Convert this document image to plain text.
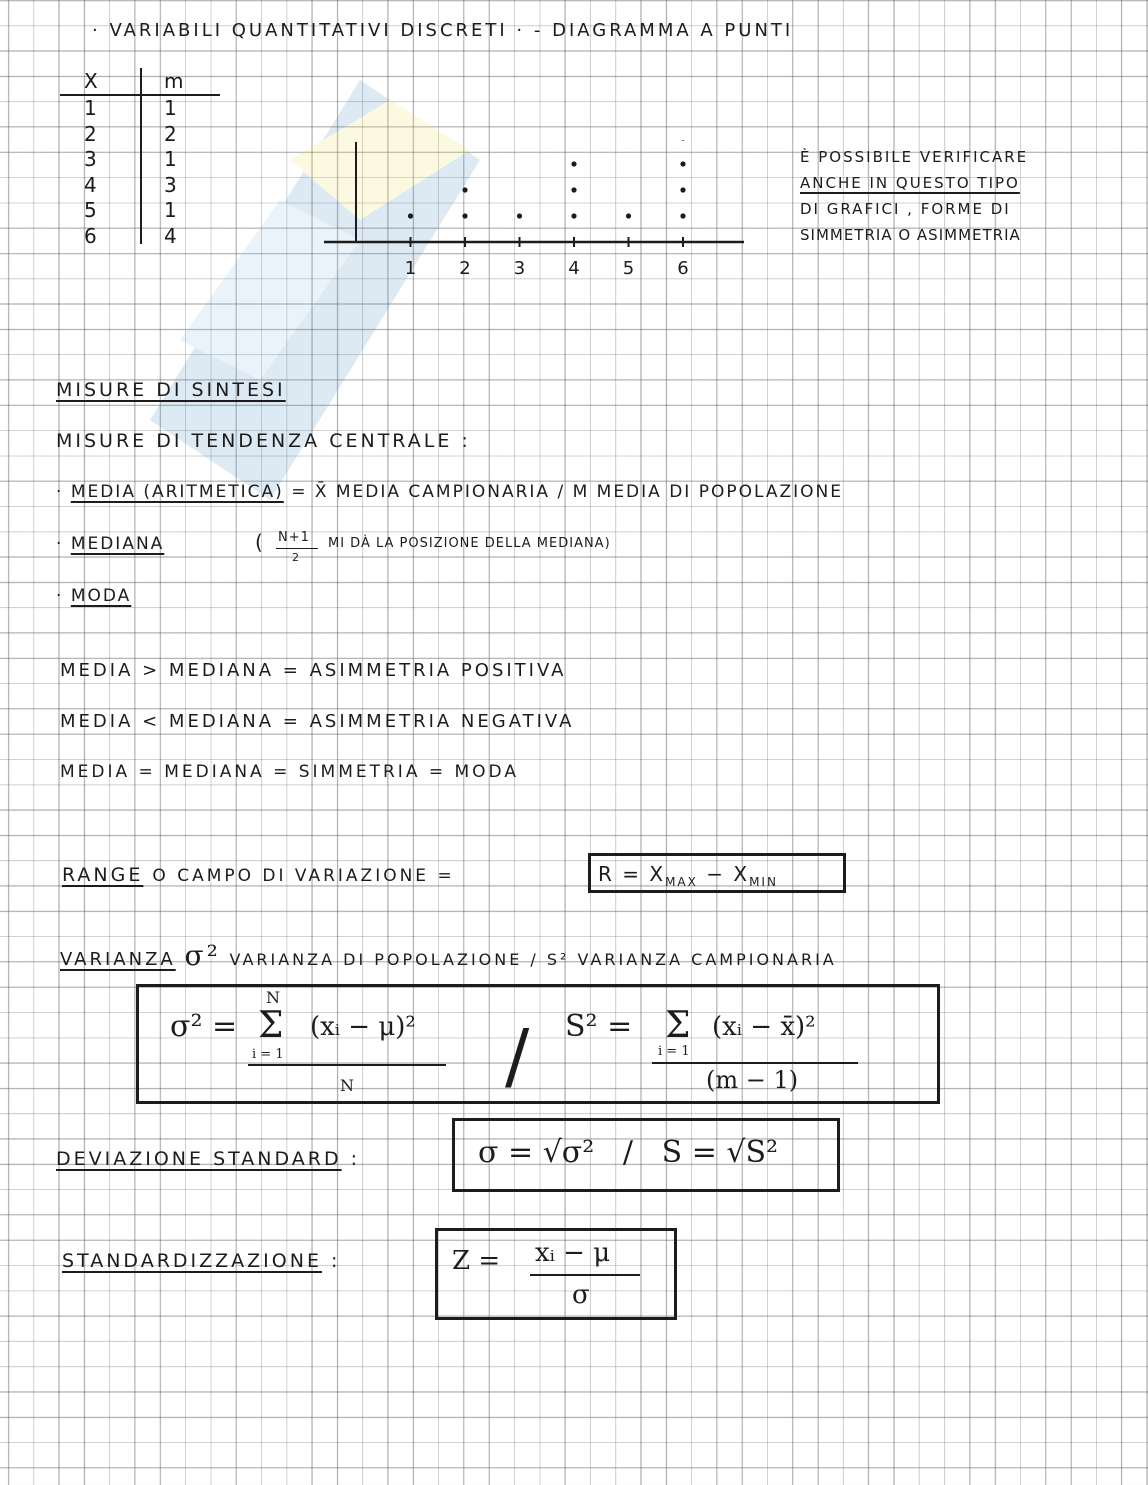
· VARIABILI QUANTITATIVI DISCRETI · - DIAGRAMMA A PUNTI
X	m
1	1
2	2
3	1
4	3
5	1
6	4
1 2 3 4 5 6
È POSSIBILE VERIFICARE
ANCHE IN QUESTO TIPO
DI GRAFICI , FORME DI
SIMMETRIA O ASIMMETRIA
MISURE DI SINTESI
MISURE DI TENDENZA CENTRALE :
· MEDIA (ARITMETICA) = X̄ MEDIA CAMPIONARIA / Μ MEDIA DI POPOLAZIONE
· MEDIANA	( N+1
2
MI DÀ LA POSIZIONE DELLA MEDIANA)
· MODA
MEDIA > MEDIANA = ASIMMETRIA POSITIVA
MEDIA < MEDIANA = ASIMMETRIA NEGATIVA
MEDIA = MEDIANA = SIMMETRIA = MODA
RANGE O CAMPO DI VARIAZIONE =	$R = X_{MAX} - X_{MIN}$
VARIANZA σ² VARIANZA DI POPOLAZIONE / S² VARIANZA CAMPIONARIA
σ² =
N
Σ
i = 1
(xᵢ − μ)²
N / S² = Σ
i = 1
(xᵢ − x̄)²
(m − 1)
DEVIAZIONE STANDARD :	σ = √σ²   /   S = √S²
STANDARDIZZAZIONE :	Z = xᵢ − μ
σ
